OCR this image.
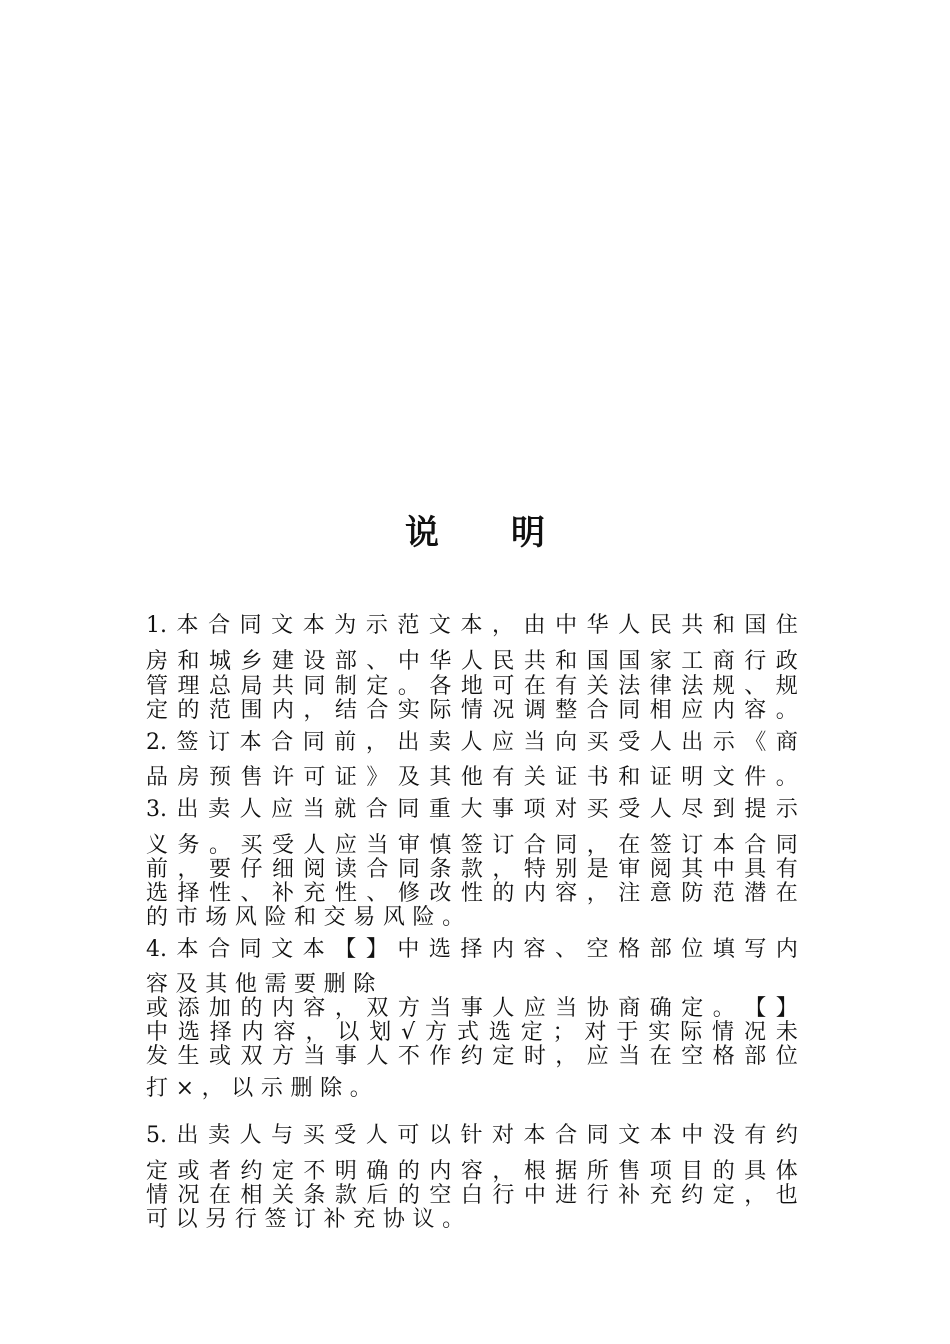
说 明
1. 本 合 同 文 本 为 示 范 文 本 ， 由 中 华 人 民 共 和 国 住
房 和 城 乡 建 设 部 、 中 华 人 民 共 和 国 国 家 工 商 行 政
管 理 总 局 共 同 制 定 。 各 地 可 在 有 关 法 律 法 规 、 规
定 的 范 围 内 ， 结 合 实 际 情 况 调 整 合 同 相 应 内 容 。
2. 签 订 本 合 同 前 ， 出 卖 人 应 当 向 买 受 人 出 示 《 商
品 房 预 售 许 可 证 》 及 其 他 有 关 证 书 和 证 明 文 件 。
3. 出 卖 人 应 当 就 合 同 重 大 事 项 对 买 受 人 尽 到 提 示
义 务 。 买 受 人 应 当 审 慎 签 订 合 同 ， 在 签 订 本 合 同
前 ， 要 仔 细 阅 读 合 同 条 款 ， 特 别 是 审 阅 其 中 具 有
选 择 性 、 补 充 性 、 修 改 性 的 内 容 ， 注 意 防 范 潜 在
的 市 场 风 险 和 交 易 风 险 。
4. 本 合 同 文 本 【 】 中 选 择 内 容 、 空 格 部 位 填 写 内
容 及 其 他 需 要 删 除
或 添 加 的 内 容 ， 双 方 当 事 人 应 当 协 商 确 定 。 【 】
中 选 择 内 容 ， 以 划 √ 方 式 选 定 ； 对 于 实 际 情 况 未
发 生 或 双 方 当 事 人 不 作 约 定 时 ， 应 当 在 空 格 部 位
打 × ， 以 示 删 除 。
5. 出 卖 人 与 买 受 人 可 以 针 对 本 合 同 文 本 中 没 有 约
定 或 者 约 定 不 明 确 的 内 容 ， 根 据 所 售 项 目 的 具 体
情 况 在 相 关 条 款 后 的 空 白 行 中 进 行 补 充 约 定 ， 也
可 以 另 行 签 订 补 充 协 议 。
